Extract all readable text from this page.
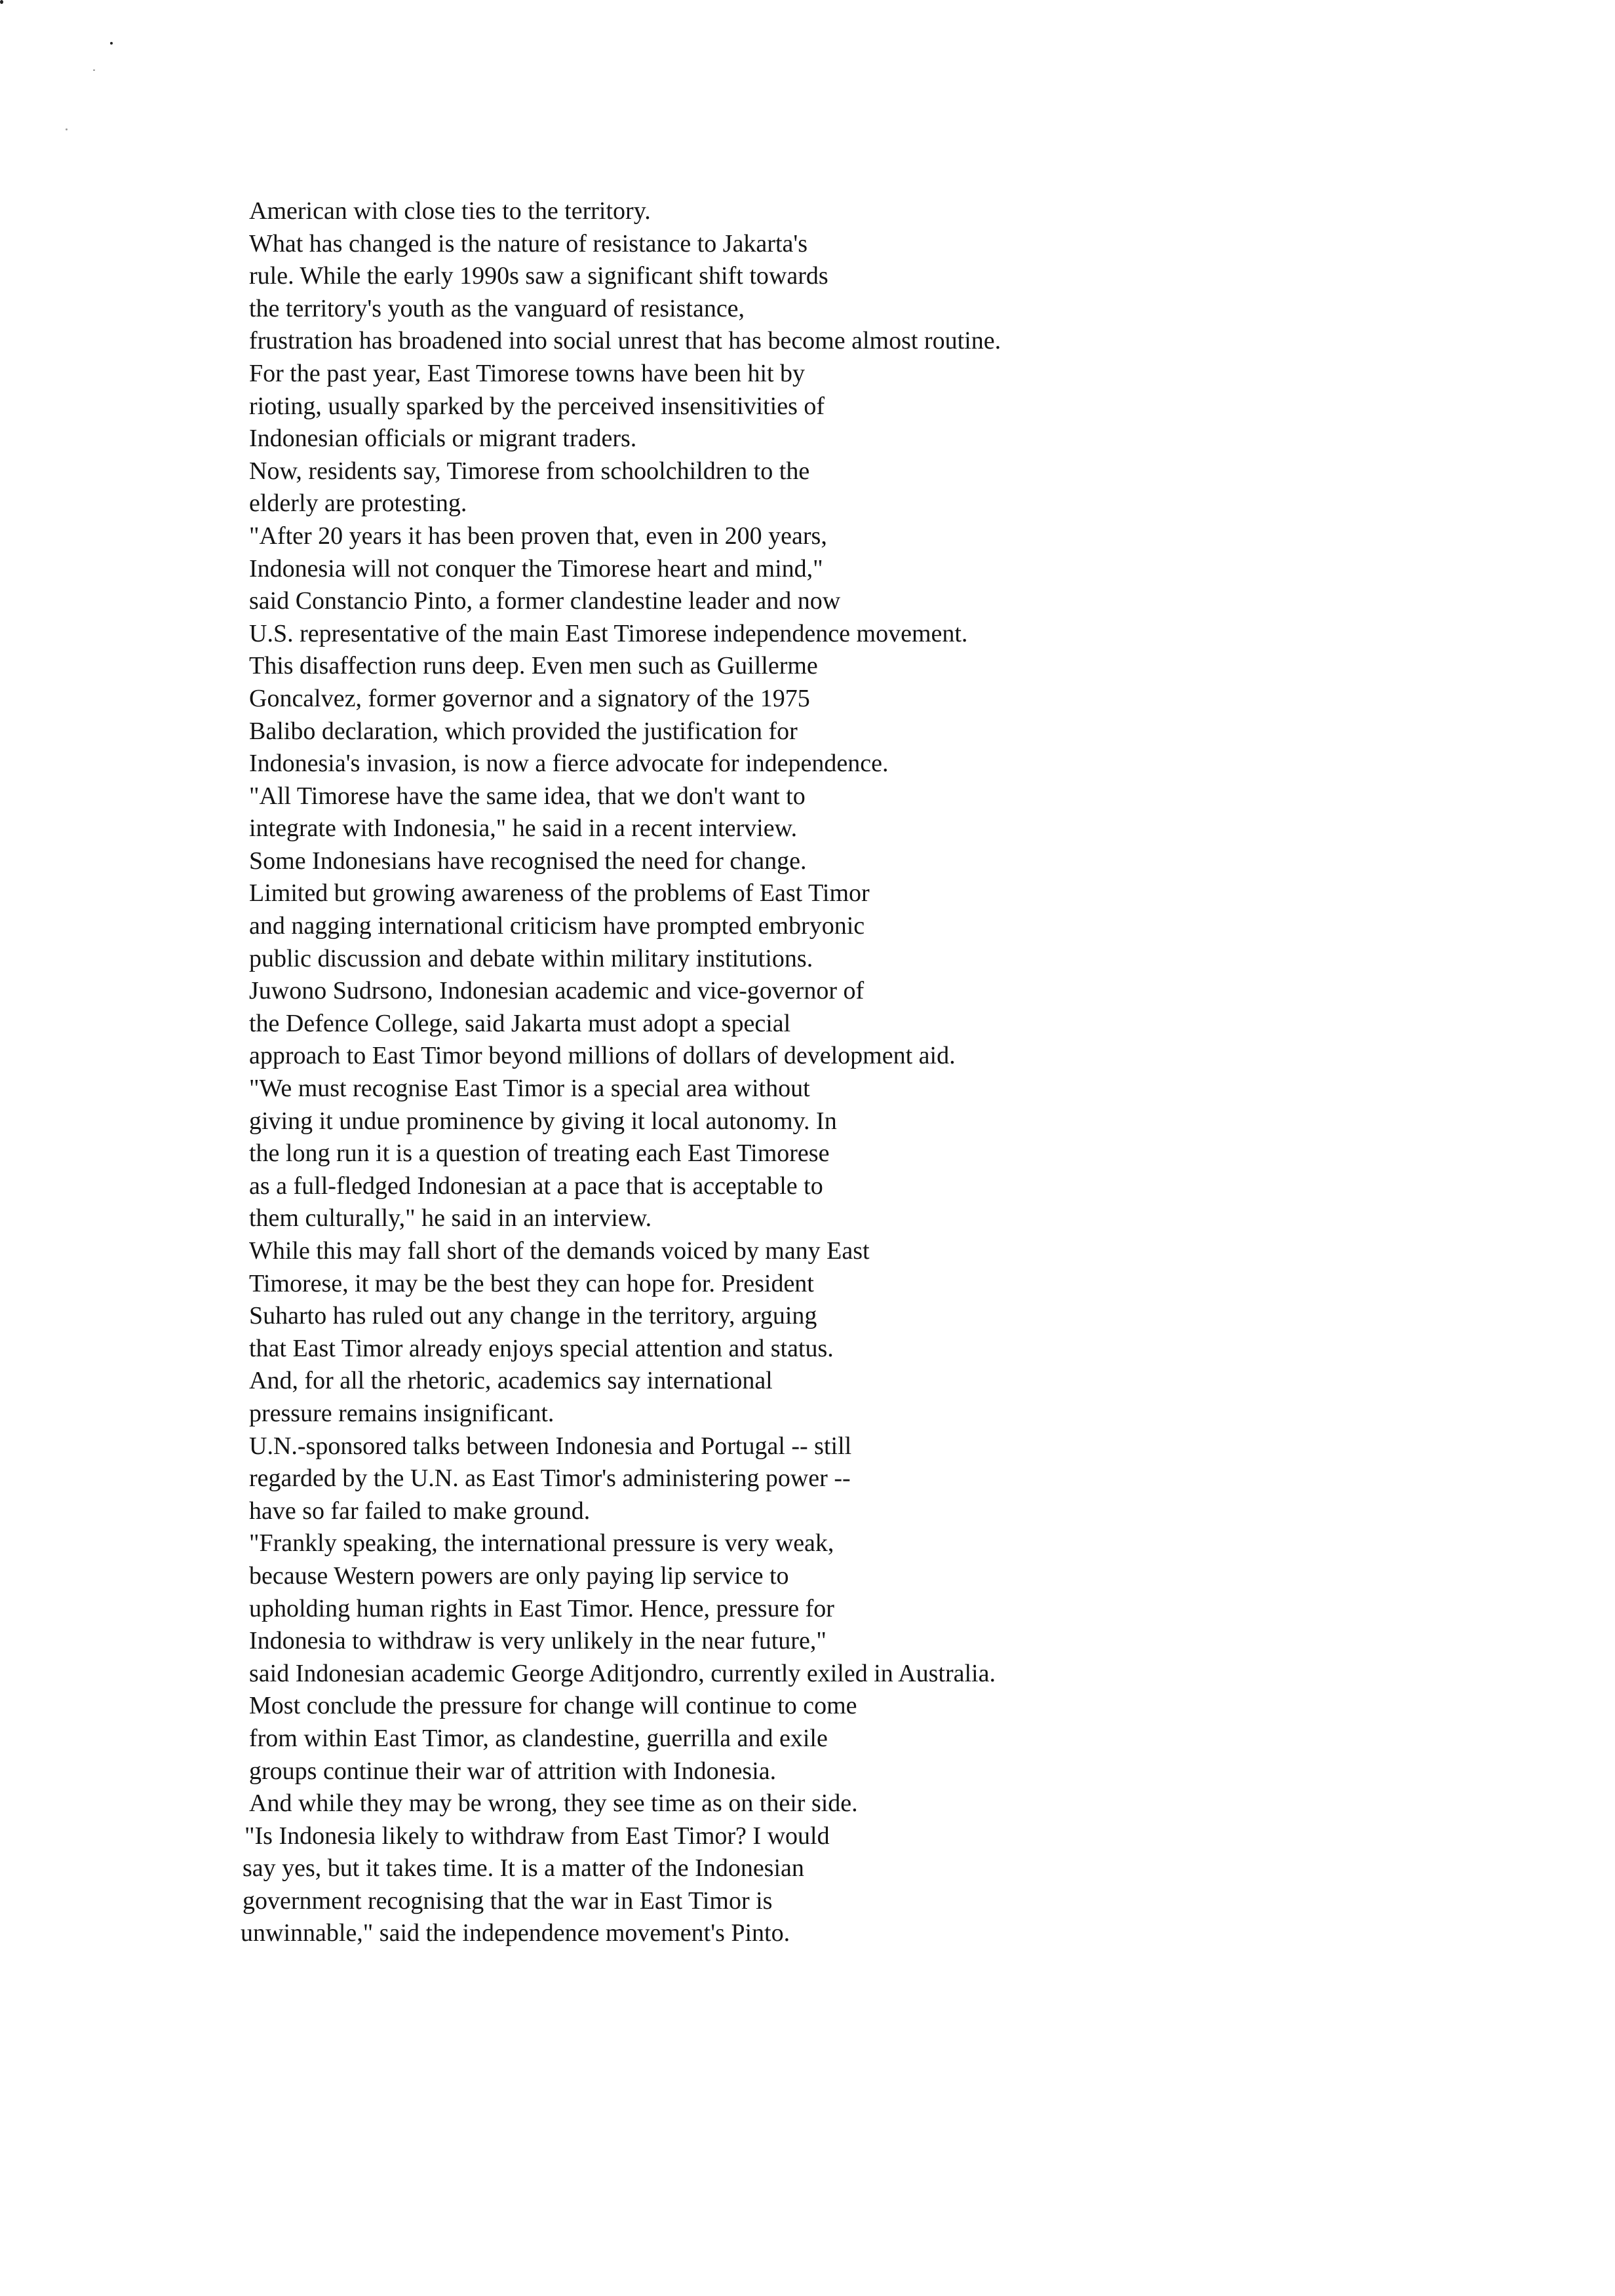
American with close ties to the territory.
What has changed is the nature of resistance to Jakarta's
rule. While the early 1990s saw a significant shift towards
the territory's youth as the vanguard of resistance,
frustration has broadened into social unrest that has become almost routine.
For the past year, East Timorese towns have been hit by
rioting, usually sparked by the perceived insensitivities of
Indonesian officials or migrant traders.
Now, residents say, Timorese from schoolchildren to the
elderly are protesting.
"After 20 years it has been proven that, even in 200 years,
Indonesia will not conquer the Timorese heart and mind,"
said Constancio Pinto, a former clandestine leader and now
U.S. representative of the main East Timorese independence movement.
This disaffection runs deep. Even men such as Guillerme
Goncalvez, former governor and a signatory of the 1975
Balibo declaration, which provided the justification for
Indonesia's invasion, is now a fierce advocate for independence.
"All Timorese have the same idea, that we don't want to
integrate with Indonesia," he said in a recent interview.
Some Indonesians have recognised the need for change.
Limited but growing awareness of the problems of East Timor
and nagging international criticism have prompted embryonic
public discussion and debate within military institutions.
Juwono Sudrsono, Indonesian academic and vice-governor of
the Defence College, said Jakarta must adopt a special
approach to East Timor beyond millions of dollars of development aid.
"We must recognise East Timor is a special area without
giving it undue prominence by giving it local autonomy. In
the long run it is a question of treating each East Timorese
as a full-fledged Indonesian at a pace that is acceptable to
them culturally," he said in an interview.
While this may fall short of the demands voiced by many East
Timorese, it may be the best they can hope for. President
Suharto has ruled out any change in the territory, arguing
that East Timor already enjoys special attention and status.
And, for all the rhetoric, academics say international
pressure remains insignificant.
U.N.-sponsored talks between Indonesia and Portugal -- still
regarded by the U.N. as East Timor's administering power --
have so far failed to make ground.
"Frankly speaking, the international pressure is very weak,
because Western powers are only paying lip service to
upholding human rights in East Timor. Hence, pressure for
Indonesia to withdraw is very unlikely in the near future,"
said Indonesian academic George Aditjondro, currently exiled in Australia.
Most conclude the pressure for change will continue to come
from within East Timor, as clandestine, guerrilla and exile
groups continue their war of attrition with Indonesia.
And while they may be wrong, they see time as on their side.
"Is Indonesia likely to withdraw from East Timor? I would
say yes, but it takes time. It is a matter of the Indonesian
government recognising that the war in East Timor is
unwinnable," said the independence movement's Pinto.
